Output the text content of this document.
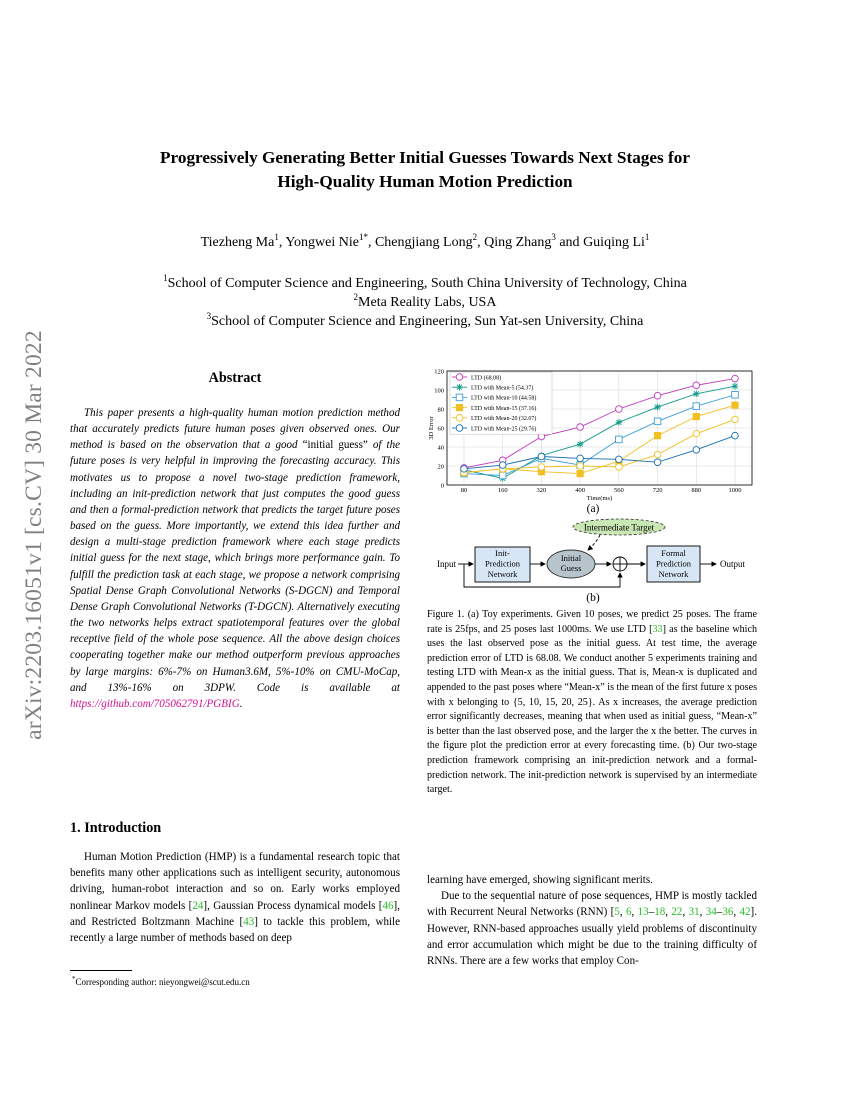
arXiv:2203.16051v1 [cs.CV] 30 Mar 2022
Progressively Generating Better Initial Guesses Towards Next Stages for
High-Quality Human Motion Prediction
Tiezheng Ma$^1$, Yongwei Nie$^{1*}$, Chengjiang Long$^2$, Qing Zhang$^3$ and Guiqing Li$^1$
$^1$School of Computer Science and Engineering, South China University of Technology, China
$^2$Meta Reality Labs, USA
$^3$School of Computer Science and Engineering, Sun Yat-sen University, China
Abstract
This paper presents a high-quality human motion prediction method that accurately predicts future human poses given observed ones. Our method is based on the observation that a good “initial guess” of the future poses is very helpful in improving the forecasting accuracy. This motivates us to propose a novel two-stage prediction framework, including an init-prediction network that just computes the good guess and then a formal-prediction network that predicts the target future poses based on the guess. More importantly, we extend this idea further and design a multi-stage prediction framework where each stage predicts initial guess for the next stage, which brings more performance gain. To fulfill the prediction task at each stage, we propose a network comprising Spatial Dense Graph Convolutional Networks (S-DGCN) and Temporal Dense Graph Convolutional Networks (T-DGCN). Alternatively executing the two networks helps extract spatiotemporal features over the global receptive field of the whole pose sequence. All the above design choices cooperating together make our method outperform previous approaches by large margins: 6%-7% on Human3.6M, 5%-10% on CMU-MoCap, and 13%-16% on 3DPW. Code is available at https://github.com/705062791/PGBIG.
1. Introduction
Human Motion Prediction (HMP) is a fundamental research topic that benefits many other applications such as intelligent security, autonomous driving, human-robot interaction and so on. Early works employed nonlinear Markov models [24], Gaussian Process dynamical models [46], and Restricted Boltzmann Machine [43] to tackle this problem, while recently a large number of methods based on deep
*Corresponding author: nieyongwei@scut.edu.cn
0
20
40
60
80
100
120
80	160	320	400	560	720	880	1000
Time(ms)
3D Error
LTD (68.08)
LTD with Mean-5 (54.37)
LTD with Mean-10 (44.58)
LTD with Mean-15 (37.16)
LTD with Mean-20 (32.07)
LTD with Mean-25 (29.76)
(a)
Intermediate Target
Input
Init-
Prediction
Network
Initial
Guess
Formal
Prediction
Network
Output
(b)
Figure 1. (a) Toy experiments. Given 10 poses, we predict 25 poses. The frame rate is 25fps, and 25 poses last 1000ms. We use LTD [33] as the baseline which uses the last observed pose as the initial guess. At test time, the average prediction error of LTD is 68.08. We conduct another 5 experiments training and testing LTD with Mean-x as the initial guess. That is, Mean-x is duplicated and appended to the past poses where “Mean-x” is the mean of the first future x poses with x belonging to {5, 10, 15, 20, 25}. As x increases, the average prediction error significantly decreases, meaning that when used as initial guess, “Mean-x” is better than the last observed pose, and the larger the x the better. The curves in the figure plot the prediction error at every forecasting time. (b) Our two-stage prediction framework comprising an init-prediction network and a formal-prediction network. The init-prediction network is supervised by an intermediate target.
learning have emerged, showing significant merits.
Due to the sequential nature of pose sequences, HMP is mostly tackled with Recurrent Neural Networks (RNN) [5, 6, 13–18, 22, 31, 34–36, 42]. However, RNN-based approaches usually yield problems of discontinuity and error accumulation which might be due to the training difficulty of RNNs. There are a few works that employ Con-
